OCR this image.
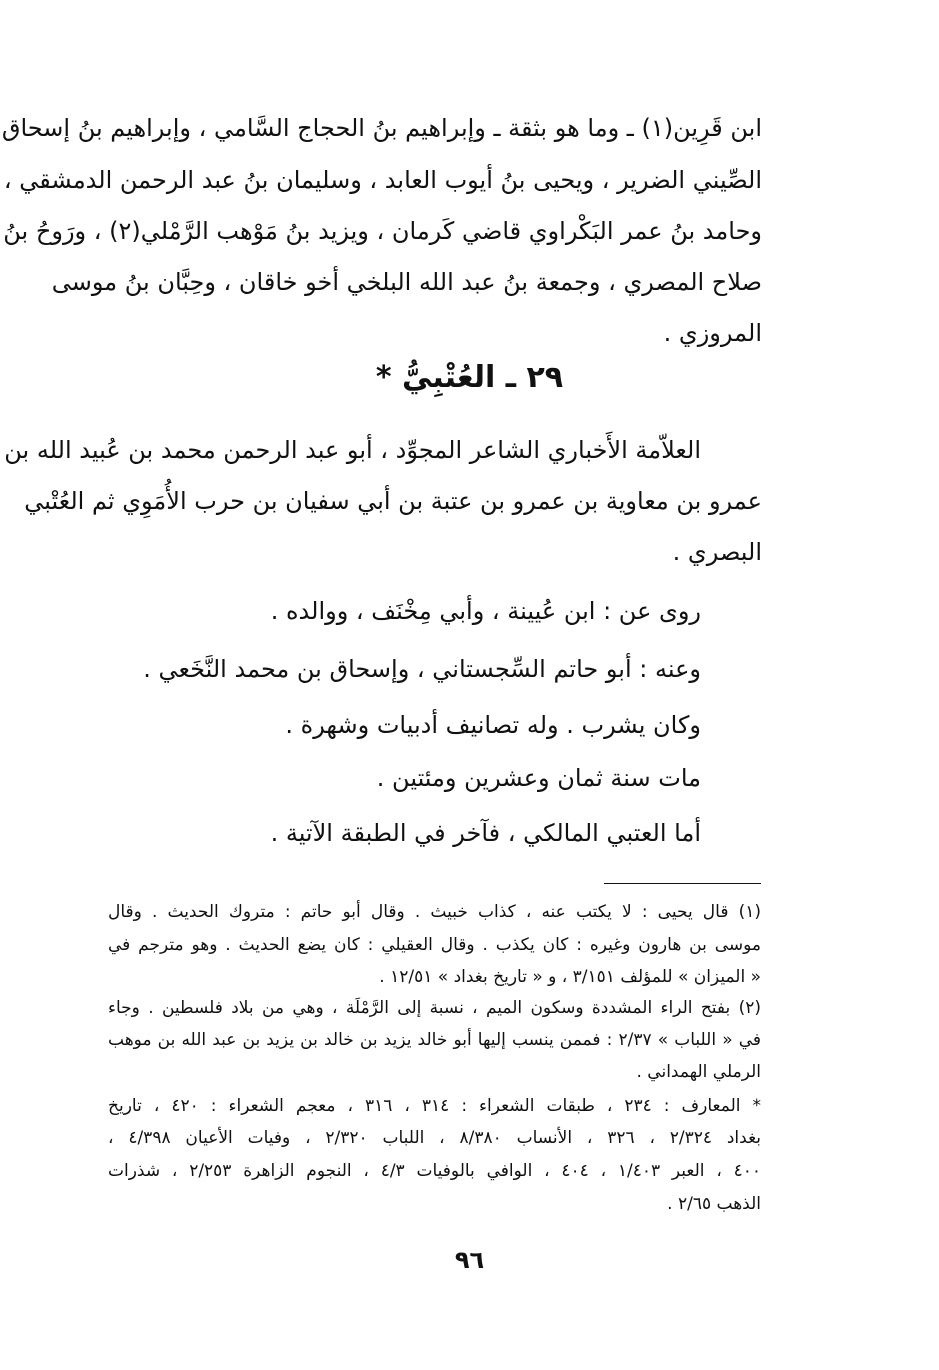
ابن قَرِين(١) ـ وما هو بثقة ـ وإبراهيم بنُ الحجاج السَّامي ، وإبراهيم بنُ إسحاق
الصِّيني الضرير ، ويحيى بنُ أيوب العابد ، وسليمان بنُ عبد الرحمن الدمشقي ،
وحامد بنُ عمر البَكْراوي قاضي كَرمان ، ويزيد بنُ مَوْهب الرَّمْلي(٢) ، ورَوحُ بنُ
صلاح المصري ، وجمعة بنُ عبد الله البلخي أخو خاقان ، وحِبَّان بنُ موسى
المروزي .
٢٩ ـ العُتْبِيُّ *
العلاّمة الأَخباري الشاعر المجوِّد ، أبو عبد الرحمن محمد بن عُبيد الله بن
عمرو بن معاوية بن عمرو بن عتبة بن أبي سفيان بن حرب الأُمَوِي ثم العُتْبي
البصري .
روى عن : ابن عُيينة ، وأبي مِخْنَف ، ووالده .
وعنه : أبو حاتم السِّجستاني ، وإسحاق بن محمد النَّخَعي .
وكان يشرب . وله تصانيف أدبيات وشهرة .
مات سنة ثمان وعشرين ومئتين .
أما العتبي المالكي ، فآخر في الطبقة الآتية .
(١) قال يحيى : لا يكتب عنه ، كذاب خبيث . وقال أبو حاتم : متروك الحديث . وقال
موسى بن هارون وغيره : كان يكذب . وقال العقيلي : كان يضع الحديث . وهو مترجم في
« الميزان » للمؤلف ٣/١٥١ ، و « تاريخ بغداد » ١٢/٥١ .
(٢) بفتح الراء المشددة وسكون الميم ، نسبة إلى الرَّمْلَة ، وهي من بلاد فلسطين . وجاء
في « اللباب » ٢/٣٧ : فممن ينسب إليها أبو خالد يزيد بن خالد بن يزيد بن عبد الله بن موهب
الرملي الهمداني .
* المعارف : ٢٣٤ ، طبقات الشعراء : ٣١٤ ، ٣١٦ ، معجم الشعراء : ٤٢٠ ، تاريخ
بغداد ٢/٣٢٤ ، ٣٢٦ ، الأنساب ٨/٣٨٠ ، اللباب ٢/٣٢٠ ، وفيات الأعيان ٤/٣٩٨ ،
٤٠٠ ، العبر ١/٤٠٣ ، ٤٠٤ ، الوافي بالوفيات ٤/٣ ، النجوم الزاهرة ٢/٢٥٣ ، شذرات
الذهب ٢/٦٥ .
٩٦
